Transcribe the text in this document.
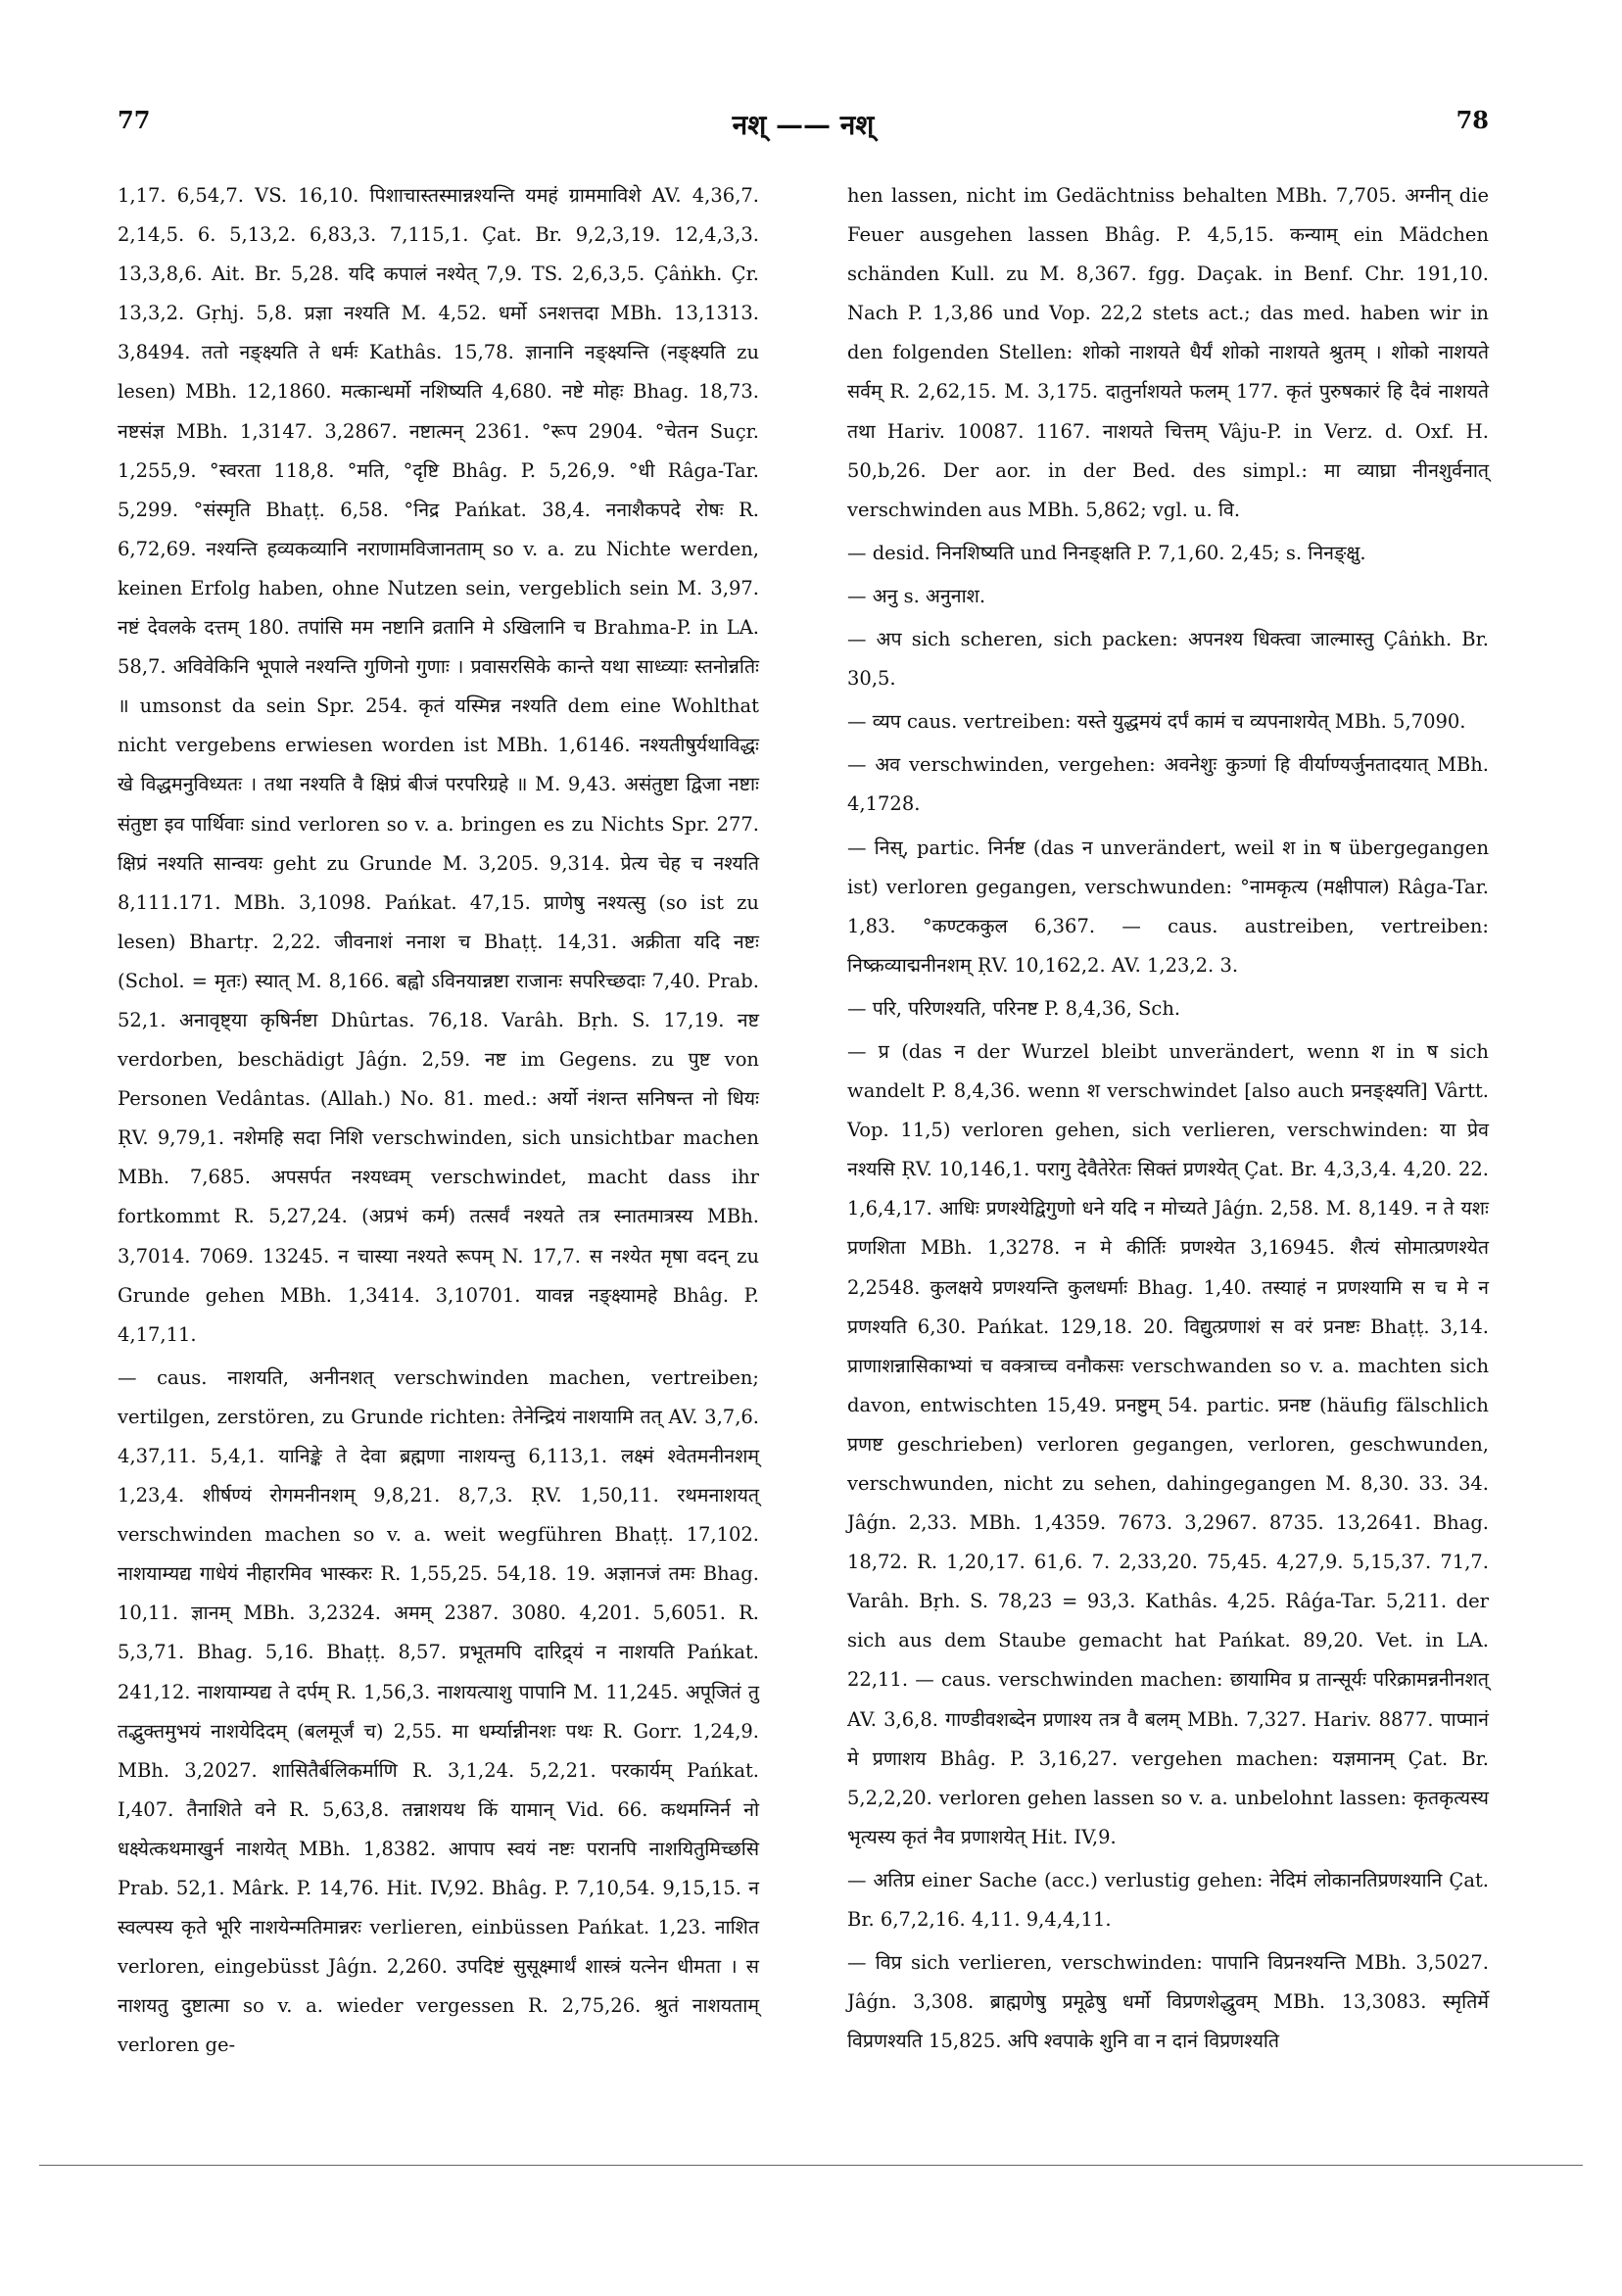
77	नश् —— नश्	78

1,17. 6,54,7. VS. 16,10. पिशाचास्तस्मान्नश्यन्ति यमहं ग्राममाविशे AV. 4,36,7. 2,14,5. 6. 5,13,2. 6,83,3. 7,115,1. Çat. Br. 9,2,3,19. 12,4,3,3. 13,3,8,6. Ait. Br. 5,28. यदि कपालं नश्येत् 7,9. TS. 2,6,3,5. Çâṅkh. Çr. 13,3,2. Gṛhj. 5,8. प्रज्ञा नश्यति M. 4,52. धर्मो ऽनशत्तदा MBh. 13,1313. 3,8494. ततो नङ्क्ष्यति ते धर्मः Kathâs. 15,78. ज्ञानानि नङ्क्ष्यन्ति (नङ्क्ष्यति zu lesen) MBh. 12,1860. मत्कान्धर्मो नशिष्यति 4,680. नष्टे मोहः Bhag. 18,73. नष्टसंज्ञ MBh. 1,3147. 3,2867. नष्टात्मन् 2361. °रूप 2904. °चेतन Suçr. 1,255,9. °स्वरता 118,8. °मति, °दृष्टि Bhâg. P. 5,26,9. °धी Râga-Tar. 5,299. °संस्मृति Bhaṭṭ. 6,58. °निद्र Pańkat. 38,4. ननाशैकपदे रोषः R. 6,72,69. नश्यन्ति हव्यकव्यानि नराणामविजानताम् so v. a. zu Nichte werden, keinen Erfolg haben, ohne Nutzen sein, vergeblich sein M. 3,97. नष्टं देवलके दत्तम् 180. तपांसि मम नष्टानि व्रतानि मे ऽखिलानि च Brahma-P. in LA. 58,7. अविवेकिनि भूपाले नश्यन्ति गुणिनो गुणाः । प्रवासरसिके कान्ते यथा साध्व्याः स्तनोन्नतिः ॥ umsonst da sein Spr. 254. कृतं यस्मिन्न नश्यति dem eine Wohlthat nicht vergebens erwiesen worden ist MBh. 1,6146. नश्यतीषुर्यथाविद्धः खे विद्धमनुविध्यतः । तथा नश्यति वै क्षिप्रं बीजं परपरिग्रहे ॥ M. 9,43. असंतुष्टा द्विजा नष्टाः संतुष्टा इव पार्थिवाः sind verloren so v. a. bringen es zu Nichts Spr. 277. क्षिप्रं नश्यति सान्वयः geht zu Grunde M. 3,205. 9,314. प्रेत्य चेह च नश्यति 8,111.171. MBh. 3,1098. Pańkat. 47,15. प्राणेषु नश्यत्सु (so ist zu lesen) Bhartṛ. 2,22. जीवनाशं ननाश च Bhaṭṭ. 14,31. अक्रीता यदि नष्टः (Schol. = मृतः) स्यात् M. 8,166. बह्वो ऽविनयान्नष्टा राजानः सपरिच्छदाः 7,40. Prab. 52,1. अनावृष्ट्या कृषिर्नष्टा Dhûrtas. 76,18. Varâh. Bṛh. S. 17,19. नष्ट verdorben, beschädigt Jâǵn. 2,59. नष्ट im Gegens. zu पुष्ट von Personen Vedântas. (Allah.) No. 81. med.: अर्यो नंशन्त सनिषन्त नो धियः ṚV. 9,79,1. नशेमहि सदा निशि verschwinden, sich unsichtbar machen MBh. 7,685. अपसर्पत नश्यध्वम् verschwindet, macht dass ihr fortkommt R. 5,27,24. (अप्रभं कर्म) तत्सर्वं नश्यते तत्र स्नातमात्रस्य MBh. 3,7014. 7069. 13245. न चास्या नश्यते रूपम् N. 17,7. स नश्येत मृषा वदन् zu Grunde gehen MBh. 1,3414. 3,10701. यावन्न नङ्क्ष्यामहे Bhâg. P. 4,17,11.

— caus. नाशयति, अनीनशत् verschwinden machen, vertreiben; vertilgen, zerstören, zu Grunde richten: तेनेन्द्रियं नाशयामि तत् AV. 3,7,6. 4,37,11. 5,4,1. यानिङ्के ते देवा ब्रह्मणा नाशयन्तु 6,113,1. लक्ष्मं श्वेतमनीनशम् 1,23,4. शीर्षण्यं रोगमनीनशम् 9,8,21. 8,7,3. ṚV. 1,50,11. रथमनाशयत् verschwinden machen so v. a. weit wegführen Bhaṭṭ. 17,102. नाशयाम्यद्य गाधेयं नीहारमिव भास्करः R. 1,55,25. 54,18. 19. अज्ञानजं तमः Bhag. 10,11. ज्ञानम् MBh. 3,2324. अमम् 2387. 3080. 4,201. 5,6051. R. 5,3,71. Bhag. 5,16. Bhaṭṭ. 8,57. प्रभूतमपि दारिद्र्यं न नाशयति Pańkat. 241,12. नाशयाम्यद्य ते दर्पम् R. 1,56,3. नाशयत्याशु पापानि M. 11,245. अपूजितं तु तद्भुक्तमुभयं नाशयेदिदम् (बलमूर्जं च) 2,55. मा धर्म्यान्नीनशः पथः R. Gorr. 1,24,9. MBh. 3,2027. शासितैर्बलिकर्माणि R. 3,1,24. 5,2,21. परकार्यम् Pańkat. I,407. तैनाशिते वने R. 5,63,8. तन्नाशयथ किं यामान् Vid. 66. कथमग्निर्न नो धक्ष्येत्कथमाखुर्न नाशयेत् MBh. 1,8382. आपाप स्वयं नष्टः परानपि नाशयितुमिच्छसि Prab. 52,1. Mârk. P. 14,76. Hit. IV,92. Bhâg. P. 7,10,54. 9,15,15. न स्वल्पस्य कृते भूरि नाशयेन्मतिमान्नरः verlieren, einbüssen Pańkat. 1,23. नाशित verloren, eingebüsst Jâǵn. 2,260. उपदिष्टं सुसूक्ष्मार्थं शास्त्रं यत्नेन धीमता । स नाशयतु दुष्टात्मा so v. a. wieder vergessen R. 2,75,26. श्रुतं नाशयताम् verloren ge-

hen lassen, nicht im Gedächtniss behalten MBh. 7,705. अग्नीन् die Feuer ausgehen lassen Bhâg. P. 4,5,15. कन्याम् ein Mädchen schänden Kull. zu M. 8,367. fgg. Daçak. in Benf. Chr. 191,10. Nach P. 1,3,86 und Vop. 22,2 stets act.; das med. haben wir in den folgenden Stellen: शोको नाशयते धैर्यं शोको नाशयते श्रुतम् । शोको नाशयते सर्वम् R. 2,62,15. M. 3,175. दातुर्नाशयते फलम् 177. कृतं पुरुषकारं हि दैवं नाशयते तथा Hariv. 10087. 1167. नाशयते चित्तम् Vâju-P. in Verz. d. Oxf. H. 50,b,26. Der aor. in der Bed. des simpl.: मा व्याघ्रा नीनशुर्वनात् verschwinden aus MBh. 5,862; vgl. u. वि.

— desid. निनशिष्यति und निनङ्क्षति P. 7,1,60. 2,45; s. निनङ्क्षु.

— अनु s. अनुनाश.

— अप sich scheren, sich packen: अपनश्य धिक्त्वा जाल्मास्तु Çâṅkh. Br. 30,5.

— व्यप caus. vertreiben: यस्ते युद्धमयं दर्पं कामं च व्यपनाशयेत् MBh. 5,7090.

— अव verschwinden, vergehen: अवनेशुः कुत्र्णां हि वीर्याण्यर्जुनतादयात् MBh. 4,1728.

— निस्, partic. निर्नष्ट (das न unverändert, weil श in ष übergegangen ist) verloren gegangen, verschwunden: °नामकृत्य (मक्षीपाल) Râga-Tar. 1,83. °कण्टककुल 6,367. — caus. austreiben, vertreiben: निष्क्रव्याद्मनीनशम् ṚV. 10,162,2. AV. 1,23,2. 3.

— परि, परिणश्यति, परिनष्ट P. 8,4,36, Sch.

— प्र (das न der Wurzel bleibt unverändert, wenn श in ष sich wandelt P. 8,4,36. wenn श verschwindet [also auch प्रनङ्क्ष्यति] Vârtt. Vop. 11,5) verloren gehen, sich verlieren, verschwinden: या प्रेव नश्यसि ṚV. 10,146,1. परागु देवैतेरेतः सिक्तं प्रणश्येत् Çat. Br. 4,3,3,4. 4,20. 22. 1,6,4,17. आधिः प्रणश्येद्विगुणो धने यदि न मोच्यते Jâǵn. 2,58. M. 8,149. न ते यशः प्रणशिता MBh. 1,3278. न मे कीर्तिः प्रणश्येत 3,16945. शैत्यं सोमात्प्रणश्येत 2,2548. कुलक्षये प्रणश्यन्ति कुलधर्माः Bhag. 1,40. तस्याहं न प्रणश्यामि स च मे न प्रणश्यति 6,30. Pańkat. 129,18. 20. विद्युत्प्रणाशं स वरं प्रनष्टः Bhaṭṭ. 3,14. प्राणाशन्नासिकाभ्यां च वक्त्राच्च वनौकसः verschwanden so v. a. machten sich davon, entwischten 15,49. प्रनष्टुम् 54. partic. प्रनष्ट (häufig fälschlich प्रणष्ट geschrieben) verloren gegangen, verloren, geschwunden, verschwunden, nicht zu sehen, dahingegangen M. 8,30. 33. 34. Jâǵn. 2,33. MBh. 1,4359. 7673. 3,2967. 8735. 13,2641. Bhag. 18,72. R. 1,20,17. 61,6. 7. 2,33,20. 75,45. 4,27,9. 5,15,37. 71,7. Varâh. Bṛh. S. 78,23 = 93,3. Kathâs. 4,25. Râǵa-Tar. 5,211. der sich aus dem Staube gemacht hat Pańkat. 89,20. Vet. in LA. 22,11. — caus. verschwinden machen: छायामिव प्र तान्सूर्यः परिक्रामन्ननीनशत् AV. 3,6,8. गाण्डीवशब्देन प्रणाश्य तत्र वै बलम् MBh. 7,327. Hariv. 8877. पाप्मानं मे प्रणाशय Bhâg. P. 3,16,27. vergehen machen: यज्ञमानम् Çat. Br. 5,2,2,20. verloren gehen lassen so v. a. unbelohnt lassen: कृतकृत्यस्य भृत्यस्य कृतं नैव प्रणाशयेत् Hit. IV,9.

— अतिप्र einer Sache (acc.) verlustig gehen: नेदिमं लोकानतिप्रणश्यानि Çat. Br. 6,7,2,16. 4,11. 9,4,4,11.

— विप्र sich verlieren, verschwinden: पापानि विप्रनश्यन्ति MBh. 3,5027. Jâǵn. 3,308. ब्राह्मणेषु प्रमूढेषु धर्मो विप्रणशेद्धुवम् MBh. 13,3083. स्मृतिर्मे विप्रणश्यति 15,825. अपि श्वपाके शुनि वा न दानं विप्रणश्यति
